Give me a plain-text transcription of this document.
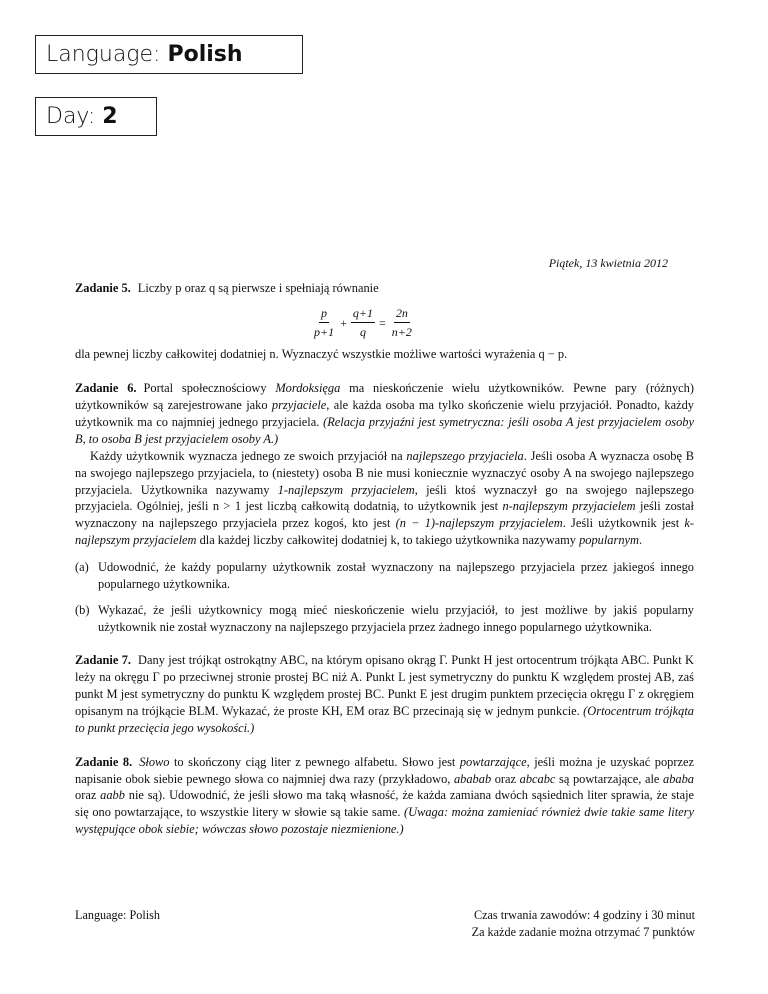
Language: Polish
Day: 2
Piątek, 13 kwietnia 2012
Zadanie 5. Liczby p oraz q są pierwsze i spełniają równanie
$\frac{p}{p+1} + \frac{q+1}{q} = \frac{2n}{n+2}$
dla pewnej liczby całkowitej dodatniej n. Wyznaczyć wszystkie możliwe wartości wyrażenia q − p.
Zadanie 6. Portal społecznościowy Mordoksięga ma nieskończenie wielu użytkowników. Pewne pary (różnych) użytkowników są zarejestrowane jako przyjaciele, ale każda osoba ma tylko skończenie wielu przyjaciół. Ponadto, każdy użytkownik ma co najmniej jednego przyjaciela. (Relacja przyjaźni jest symetryczna: jeśli osoba A jest przyjacielem osoby B, to osoba B jest przyjacielem osoby A.)
Każdy użytkownik wyznacza jednego ze swoich przyjaciół na najlepszego przyjaciela. Jeśli osoba A wyznacza osobę B na swojego najlepszego przyjaciela, to (niestety) osoba B nie musi koniecznie wyznaczyć osoby A na swojego najlepszego przyjaciela. Użytkownika nazywamy 1-najlepszym przyjacielem, jeśli ktoś wyznaczył go na swojego najlepszego przyjaciela. Ogólniej, jeśli n > 1 jest liczbą całkowitą dodatnią, to użytkownik jest n-najlepszym przyjacielem jeśli został wyznaczony na najlepszego przyjaciela przez kogoś, kto jest (n − 1)-najlepszym przyjacielem. Jeśli użytkownik jest k-najlepszym przyjacielem dla każdej liczby całkowitej dodatniej k, to takiego użytkownika nazywamy popularnym.
(a) Udowodnić, że każdy popularny użytkownik został wyznaczony na najlepszego przyjaciela przez jakiegoś innego popularnego użytkownika.
(b) Wykazać, że jeśli użytkownicy mogą mieć nieskończenie wielu przyjaciół, to jest możliwe by jakiś popularny użytkownik nie został wyznaczony na najlepszego przyjaciela przez żadnego innego popularnego użytkownika.
Zadanie 7. Dany jest trójkąt ostrokątny ABC, na którym opisano okrąg Γ. Punkt H jest ortocentrum trójkąta ABC. Punkt K leży na okręgu Γ po przeciwnej stronie prostej BC niż A. Punkt L jest symetryczny do punktu K względem prostej AB, zaś punkt M jest symetryczny do punktu K względem prostej BC. Punkt E jest drugim punktem przecięcia okręgu Γ z okręgiem opisanym na trójkącie BLM. Wykazać, że proste KH, EM oraz BC przecinają się w jednym punkcie. (Ortocentrum trójkąta to punkt przecięcia jego wysokości.)
Zadanie 8. Słowo to skończony ciąg liter z pewnego alfabetu. Słowo jest powtarzające, jeśli można je uzyskać poprzez napisanie obok siebie pewnego słowa co najmniej dwa razy (przykładowo, ababab oraz abcabc są powtarzające, ale ababa oraz aabb nie są). Udowodnić, że jeśli słowo ma taką własność, że każda zamiana dwóch sąsiednich liter sprawia, że staje się ono powtarzające, to wszystkie litery w słowie są takie same. (Uwaga: można zamieniać również dwie takie same litery występujące obok siebie; wówczas słowo pozostaje niezmienione.)
Language: Polish	Czas trwania zawodów: 4 godziny i 30 minut
Za każde zadanie można otrzymać 7 punktów
